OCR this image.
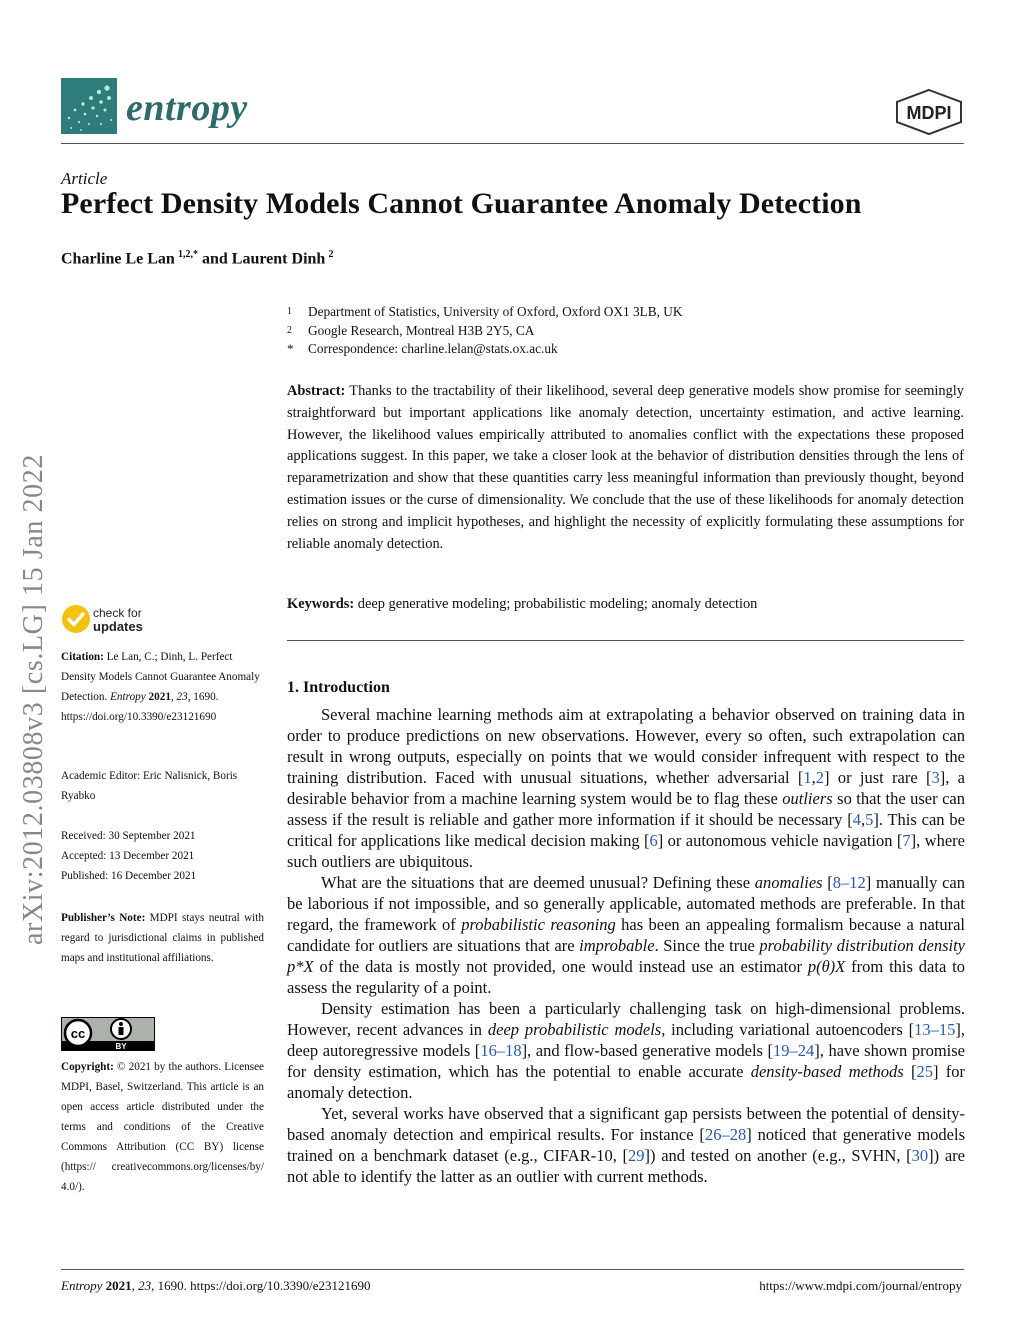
entropy	MDPI
Article
Perfect Density Models Cannot Guarantee Anomaly Detection
Charline Le Lan  $^{1,2,*}$ and Laurent Dinh  $^2$
1	Department of Statistics, University of Oxford, Oxford OX1 3LB, UK
2	Google Research, Montreal H3B 2Y5, CA
*	Correspondence: charline.lelan@stats.ox.ac.uk
Abstract: Thanks to the tractability of their likelihood, several deep generative models show promise for seemingly straightforward but important applications like anomaly detection, uncertainty estimation, and active learning. However, the likelihood values empirically attributed to anomalies conflict with the expectations these proposed applications suggest. In this paper, we take a closer look at the behavior of distribution densities through the lens of reparametrization and show that these quantities carry less meaningful information than previously thought, beyond estimation issues or the curse of dimensionality. We conclude that the use of these likelihoods for anomaly detection relies on strong and implicit hypotheses, and highlight the necessity of explicitly formulating these assumptions for reliable anomaly detection.
Keywords: deep generative modeling; probabilistic modeling; anomaly detection
arXiv:2012.03808v3 [cs.LG] 15 Jan 2022	check for
updates
Citation: Le Lan, C.; Dinh, L. Perfect Density Models Cannot Guarantee Anomaly Detection. Entropy 2021, 23, 1690. https://doi.org/10.3390/e23121690
Academic Editor: Eric Nalisnick, Boris Ryabko
Received: 30 September 2021
Accepted: 13 December 2021
Published: 16 December 2021
Publisher’s Note: MDPI stays neutral with regard to jurisdictional claims in published maps and institutional affiliations.
cc
BY
Copyright: © 2021 by the authors. Licensee MDPI, Basel, Switzerland. This article is an open access article distributed under the terms and conditions of the Creative Commons Attribution (CC BY) license (https:// creativecommons.org/licenses/by/ 4.0/).
1. Introduction

Several machine learning methods aim at extrapolating a behavior observed on training data in order to produce predictions on new observations. However, every so often, such extrapolation can result in wrong outputs, especially on points that we would consider infrequent with respect to the training distribution. Faced with unusual situations, whether adversarial [1,2] or just rare [3], a desirable behavior from a machine learning system would be to flag these outliers so that the user can assess if the result is reliable and gather more information if it should be necessary [4,5]. This can be critical for applications like medical decision making [6] or autonomous vehicle navigation [7], where such outliers are ubiquitous.

What are the situations that are deemed unusual? Defining these anomalies [8–12] manually can be laborious if not impossible, and so generally applicable, automated methods are preferable. In that regard, the framework of probabilistic reasoning has been an appealing formalism because a natural candidate for outliers are situations that are improbable. Since the true probability distribution density p*X of the data is mostly not provided, one would instead use an estimator p(θ)X from this data to assess the regularity of a point.

Density estimation has been a particularly challenging task on high-dimensional problems. However, recent advances in deep probabilistic models, including variational autoencoders [13–15], deep autoregressive models [16–18], and flow-based generative models [19–24], have shown promise for density estimation, which has the potential to enable accurate density-based methods [25] for anomaly detection.

Yet, several works have observed that a significant gap persists between the potential of density-based anomaly detection and empirical results. For instance [26–28] noticed that generative models trained on a benchmark dataset (e.g., CIFAR-10, [29]) and tested on another (e.g., SVHN, [30]) are not able to identify the latter as an outlier with current methods.

Entropy 2021, 23, 1690. https://doi.org/10.3390/e23121690	https://www.mdpi.com/journal/entropy
